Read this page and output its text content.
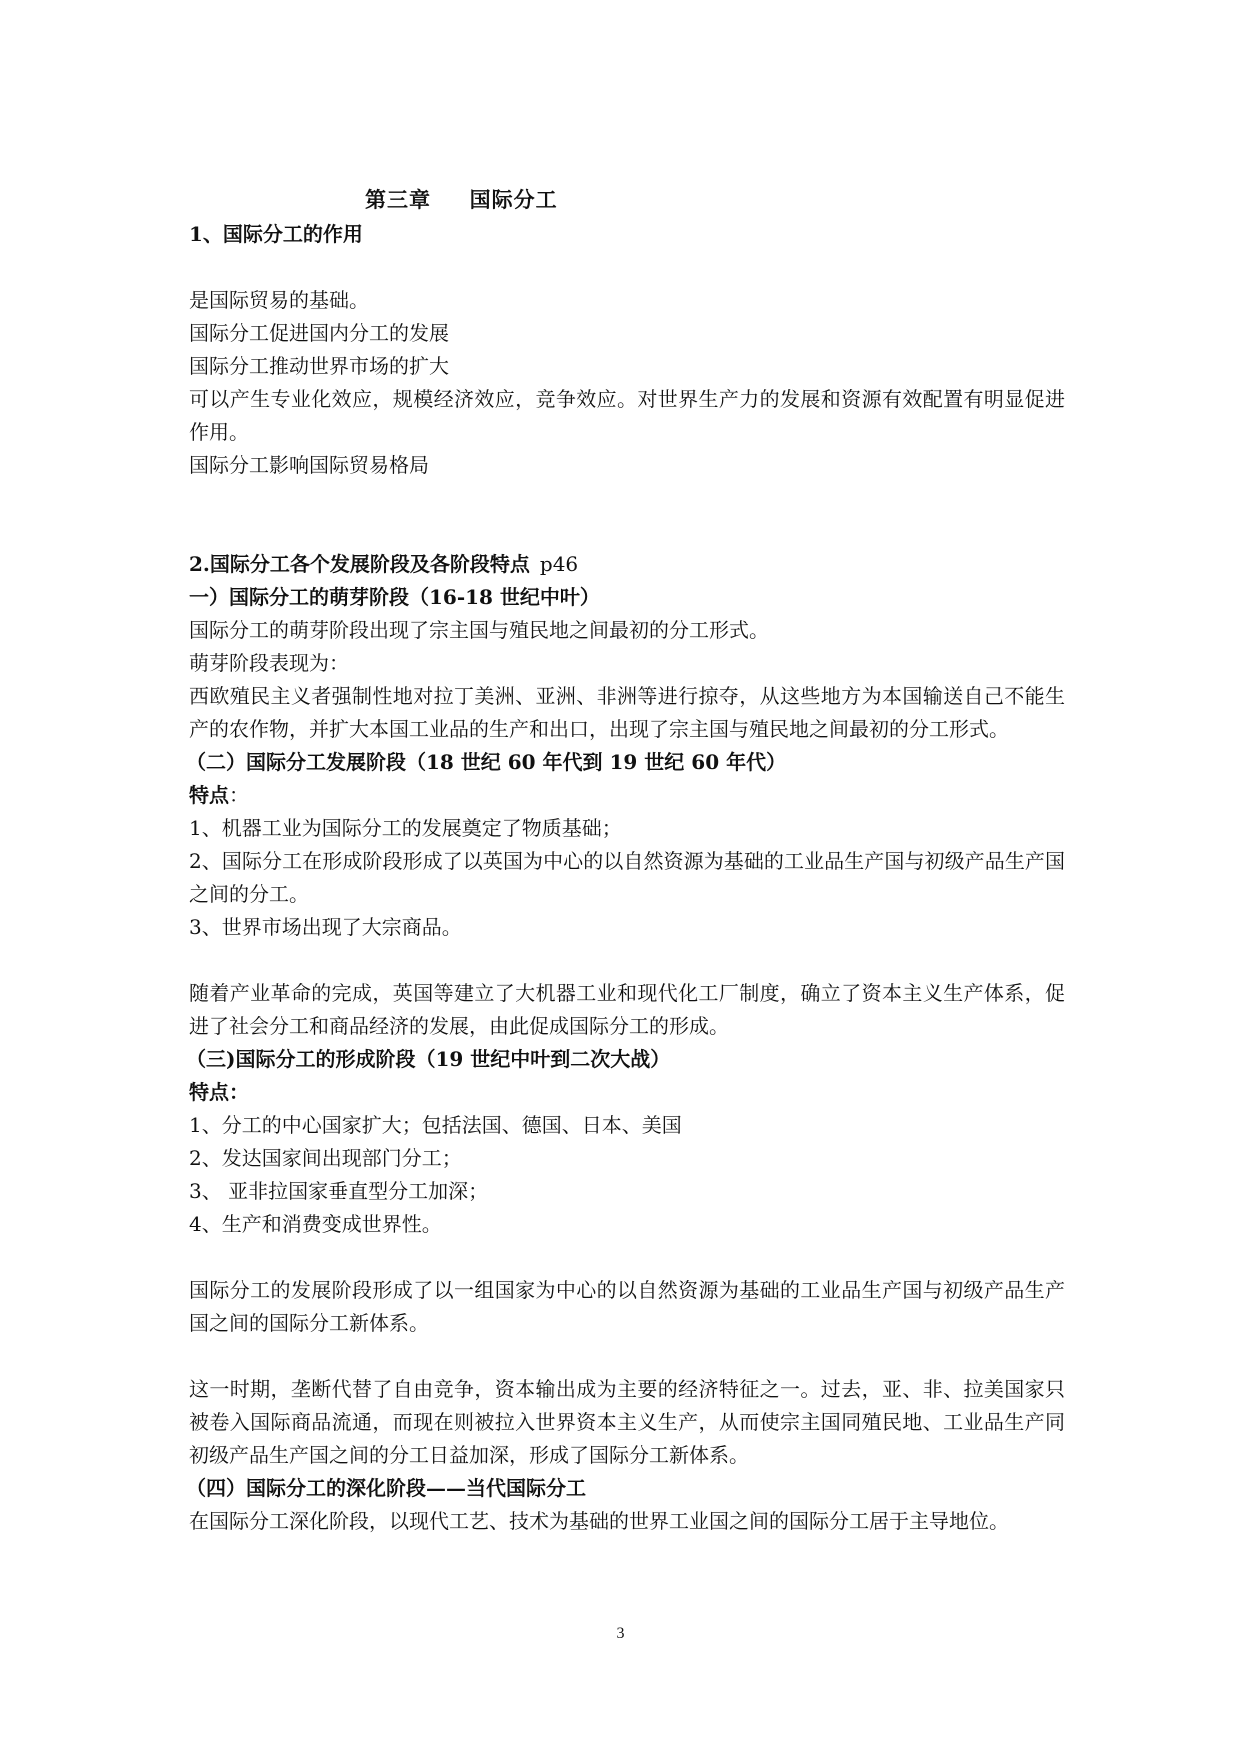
第三章　  国际分工

1、国际分工的作用

是国际贸易的基础。

国际分工促进国内分工的发展

国际分工推动世界市场的扩大

可以产生专业化效应，规模经济效应，竞争效应。对世界生产力的发展和资源有效配置有明显促进作用。

国际分工影响国际贸易格局

2.国际分工各个发展阶段及各阶段特点 p46

一）国际分工的萌芽阶段（16-18 世纪中叶）

国际分工的萌芽阶段出现了宗主国与殖民地之间最初的分工形式。

萌芽阶段表现为：

西欧殖民主义者强制性地对拉丁美洲、亚洲、非洲等进行掠夺，从这些地方为本国输送自己不能生产的农作物，并扩大本国工业品的生产和出口，出现了宗主国与殖民地之间最初的分工形式。

（二）国际分工发展阶段（18 世纪 60 年代到 19 世纪 60 年代）

特点：

1、机器工业为国际分工的发展奠定了物质基础；

2、国际分工在形成阶段形成了以英国为中心的以自然资源为基础的工业品生产国与初级产品生产国之间的分工。

3、世界市场出现了大宗商品。

随着产业革命的完成，英国等建立了大机器工业和现代化工厂制度，确立了资本主义生产体系，促进了社会分工和商品经济的发展，由此促成国际分工的形成。

（三)国际分工的形成阶段（19 世纪中叶到二次大战）

特点：

1、分工的中心国家扩大；包括法国、德国、日本、美国

2、发达国家间出现部门分工；

3、 亚非拉国家垂直型分工加深；

4、生产和消费变成世界性。

国际分工的发展阶段形成了以一组国家为中心的以自然资源为基础的工业品生产国与初级产品生产国之间的国际分工新体系。

这一时期，垄断代替了自由竞争，资本输出成为主要的经济特征之一。过去，亚、非、拉美国家只被卷入国际商品流通，而现在则被拉入世界资本主义生产，从而使宗主国同殖民地、工业品生产同初级产品生产国之间的分工日益加深，形成了国际分工新体系。

（四）国际分工的深化阶段——当代国际分工

在国际分工深化阶段，以现代工艺、技术为基础的世界工业国之间的国际分工居于主导地位。

3
